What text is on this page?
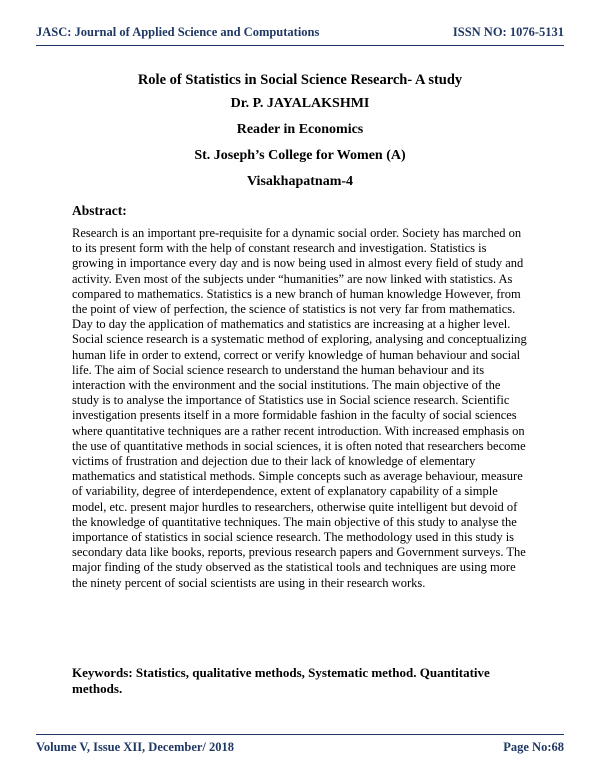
JASC: Journal of Applied Science and Computations	ISSN NO: 1076-5131
Role of Statistics in Social Science Research- A study
Dr. P. JAYALAKSHMI
Reader in Economics
St. Joseph’s College for Women (A)
Visakhapatnam-4
Abstract:

Research is an important pre-requisite for a dynamic social order. Society has marched on to its present form with the help of constant research and investigation. Statistics is growing in importance every day and is now being used in almost every field of study and activity. Even most of the subjects under “humanities” are now linked with statistics. As compared to mathematics. Statistics is a new branch of human knowledge However, from the point of view of perfection, the science of statistics is not very far from mathematics. Day to day the application of mathematics and statistics are increasing at a higher level. Social science research is a systematic method of exploring, analysing and conceptualizing human life in order to extend, correct or verify knowledge of human behaviour and social life. The aim of Social science research to understand the human behaviour and its interaction with the environment and the social institutions. The main objective of the study is to analyse the importance of Statistics use in Social science research. Scientific investigation presents itself in a more formidable fashion in the faculty of social sciences where quantitative techniques are a rather recent introduction. With increased emphasis on the use of quantitative methods in social sciences, it is often noted that researchers become victims of frustration and dejection due to their lack of knowledge of elementary mathematics and statistical methods. Simple concepts such as average behaviour, measure of variability, degree of interdependence, extent of explanatory capability of a simple model, etc. present major hurdles to researchers, otherwise quite intelligent but devoid of the knowledge of quantitative techniques. The main objective of this study to analyse the importance of statistics in social science research. The methodology used in this study is secondary data like books, reports, previous research papers and Government surveys. The major finding of the study observed as the statistical tools and techniques are using more the ninety percent of social scientists are using in their research works.

Keywords: Statistics, qualitative methods, Systematic method. Quantitative methods.

Volume V, Issue XII, December/ 2018	Page No:68
